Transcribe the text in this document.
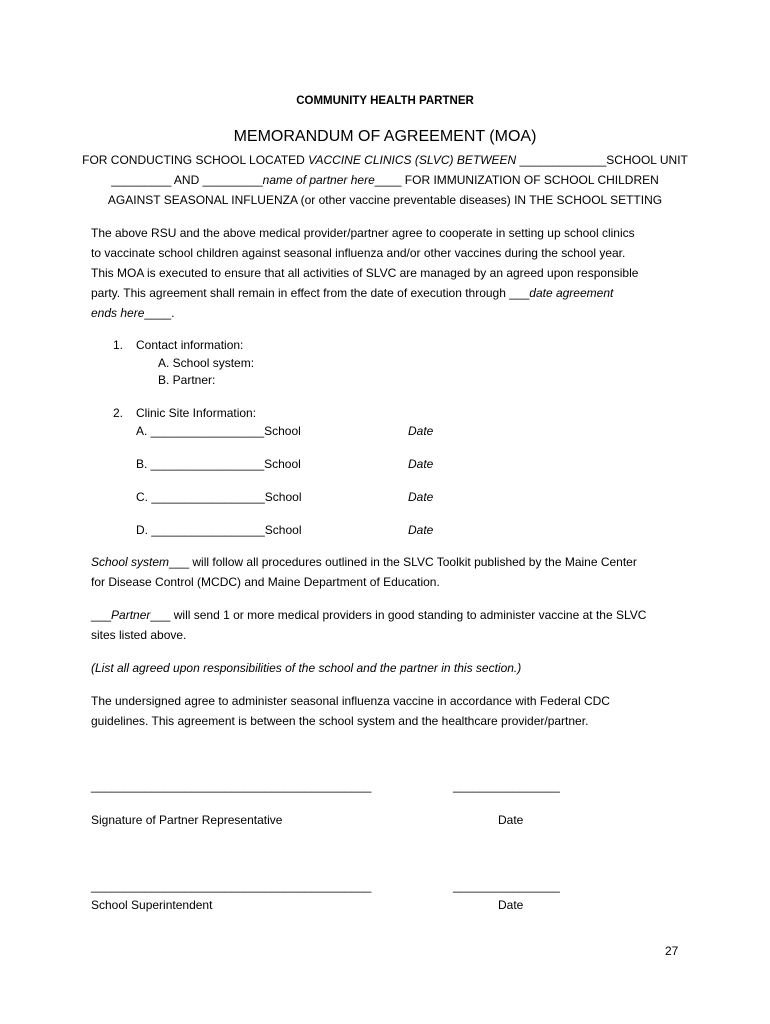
COMMUNITY HEALTH PARTNER
MEMORANDUM OF AGREEMENT (MOA)
FOR CONDUCTING SCHOOL LOCATED VACCINE CLINICS (SLVC) BETWEEN _____________SCHOOL UNIT
_________ AND _________name of partner here____ FOR IMMUNIZATION OF SCHOOL CHILDREN
AGAINST SEASONAL INFLUENZA (or other vaccine preventable diseases) IN THE SCHOOL SETTING
The above RSU and the above medical provider/partner agree to cooperate in setting up school clinics
to vaccinate school children against seasonal influenza and/or other vaccines during the school year.
This MOA is executed to ensure that all activities of SLVC are managed by an agreed upon responsible
party. This agreement shall remain in effect from the date of execution through ___date agreement
ends here____.
1. Contact information:
A. School system:
B. Partner:
2. Clinic Site Information:
A. _________________School	Date
B. _________________School	Date
C. _________________School	Date
D. _________________School	Date
School system___ will follow all procedures outlined in the SLVC Toolkit published by the Maine Center
for Disease Control (MCDC) and Maine Department of Education.
___Partner___ will send 1 or more medical providers in good standing to administer vaccine at the SLVC
sites listed above.
(List all agreed upon responsibilities of the school and the partner in this section.)
The undersigned agree to administer seasonal influenza vaccine in accordance with Federal CDC
guidelines. This agreement is between the school system and the healthcare provider/partner.
__________________________________________	________________
Signature of Partner Representative	Date
__________________________________________	________________
School Superintendent	Date
27
